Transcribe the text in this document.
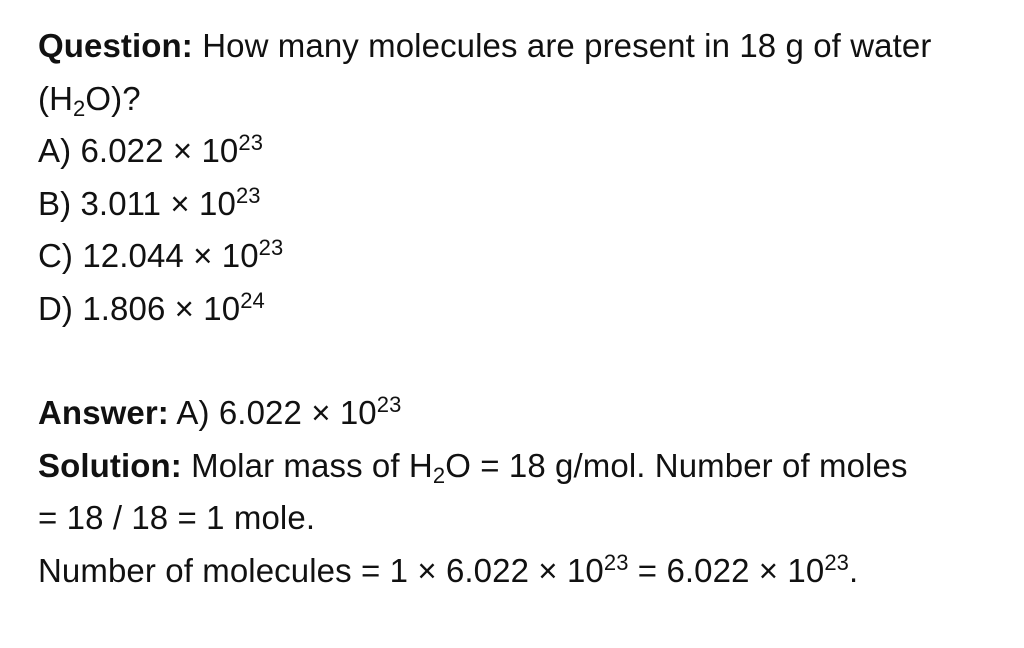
Question: How many molecules are present in 18 g of water
$(H_2O)$?
A) $6.022 \times 10^{23}$
B) $3.011 \times 10^{23}$
C) $12.044 \times 10^{23}$
D) $1.806 \times 10^{24}$
Answer: A) $6.022 \times 10^{23}$
Solution: Molar mass of $H_2O = 18$ g/mol. Number of moles
= 18 / 18 = 1 mole.
Number of molecules = $1 \times 6.022 \times 10^{23} = 6.022 \times 10^{23}$.
